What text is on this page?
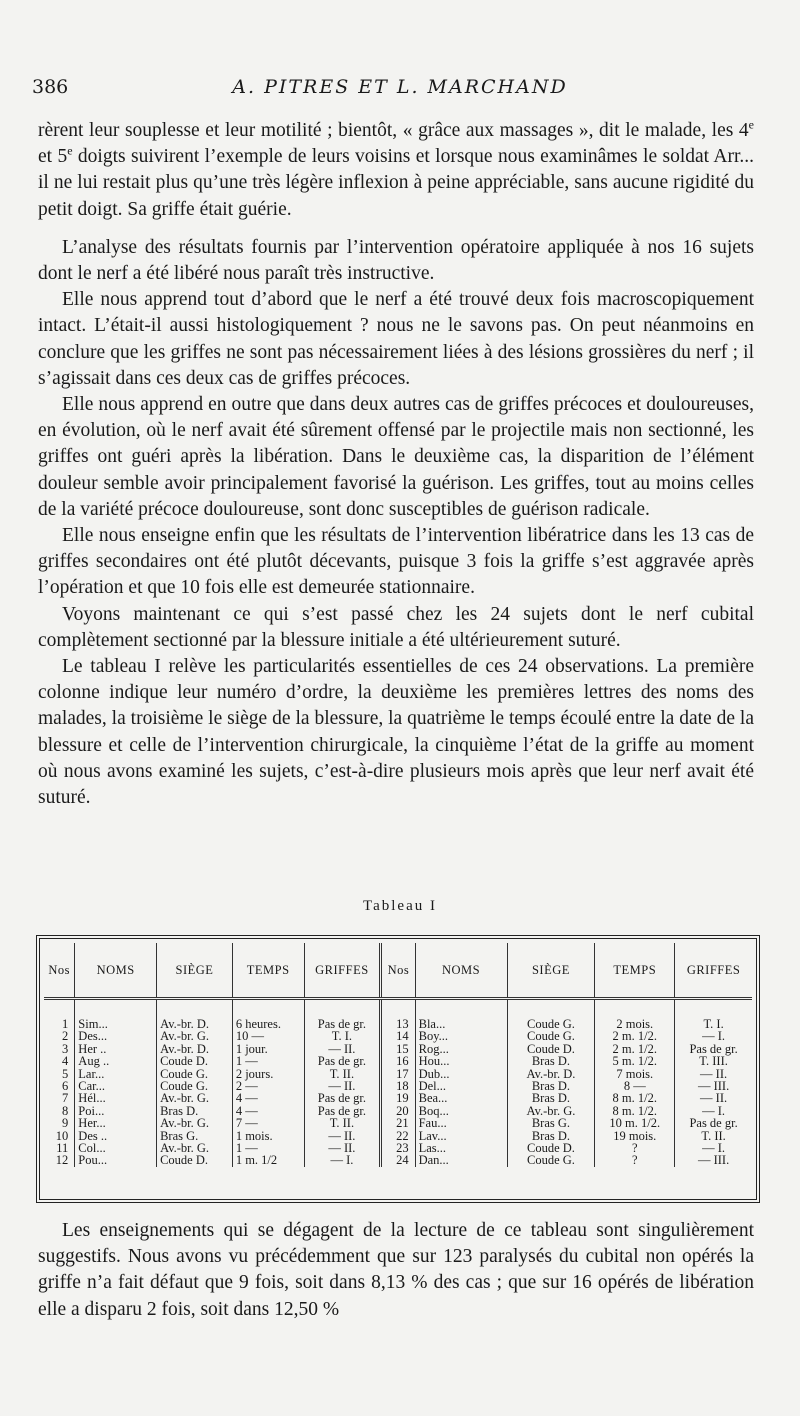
386	A. PITRES ET L. MARCHAND

rèrent leur souplesse et leur motilité ; bientôt, « grâce aux massages », dit le malade, les 4e et 5e doigts suivirent l’exemple de leurs voisins et lorsque nous examinâmes le soldat Arr... il ne lui restait plus qu’une très légère inflexion à peine appréciable, sans aucune rigidité du petit doigt. Sa griffe était guérie.

L’analyse des résultats fournis par l’intervention opératoire appliquée à nos 16 sujets dont le nerf a été libéré nous paraît très instructive.

Elle nous apprend tout d’abord que le nerf a été trouvé deux fois macroscopiquement intact. L’était-il aussi histologiquement ? nous ne le savons pas. On peut néanmoins en conclure que les griffes ne sont pas nécessairement liées à des lésions grossières du nerf ; il s’agissait dans ces deux cas de griffes précoces.

Elle nous apprend en outre que dans deux autres cas de griffes précoces et douloureuses, en évolution, où le nerf avait été sûrement offensé par le projectile mais non sectionné, les griffes ont guéri après la libération. Dans le deuxième cas, la disparition de l’élément douleur semble avoir principalement favorisé la guérison. Les griffes, tout au moins celles de la variété précoce douloureuse, sont donc susceptibles de guérison radicale.

Elle nous enseigne enfin que les résultats de l’intervention libératrice dans les 13 cas de griffes secondaires ont été plutôt décevants, puisque 3 fois la griffe s’est aggravée après l’opération et que 10 fois elle est demeurée stationnaire.

Voyons maintenant ce qui s’est passé chez les 24 sujets dont le nerf cubital complètement sectionné par la blessure initiale a été ultérieurement suturé.

Le tableau I relève les particularités essentielles de ces 24 observations. La première colonne indique leur numéro d’ordre, la deuxième les premières lettres des noms des malades, la troisième le siège de la blessure, la quatrième le temps écoulé entre la date de la blessure et celle de l’intervention chirurgicale, la cinquième l’état de la griffe au moment où nous avons examiné les sujets, c’est-à-dire plusieurs mois après que leur nerf avait été suturé.

Tableau I
Nos	NOMS	SIÈGE	TEMPS	GRIFFES	Nos	NOMS	SIÈGE	TEMPS	GRIFFES
1	Sim...	Av.-br. D.	6 heures.	Pas de gr.	13	Bla...	Coude G.	2 mois.	T. I.
2	Des...	Av.-br. G.	10 —	T. I.	14	Boy...	Coude G.	2 m. 1/2.	— I.
3	Her ..	Av.-br. D.	1 jour.	— II.	15	Rog...	Coude D.	2 m. 1/2.	Pas de gr.
4	Aug ..	Coude D.	1 —	Pas de gr.	16	Hou...	Bras D.	5 m. 1/2.	T. III.
5	Lar...	Coude G.	2 jours.	T. II.	17	Dub...	Av.-br. D.	7 mois.	— II.
6	Car...	Coude G.	2 —	— II.	18	Del...	Bras D.	8 —	— III.
7	Hél...	Av.-br. G.	4 —	Pas de gr.	19	Bea...	Bras D.	8 m. 1/2.	— II.
8	Poi...	Bras D.	4 —	Pas de gr.	20	Boq...	Av.-br. G.	8 m. 1/2.	— I.
9	Her...	Av.-br. G.	7 —	T. II.	21	Fau...	Bras G.	10 m. 1/2.	Pas de gr.
10	Des ..	Bras G.	1 mois.	— II.	22	Lav...	Bras D.	19 mois.	T. II.
11	Col...	Av.-br. G.	1 —	— II.	23	Las...	Coude D.	?	— I.
12	Pou...	Coude D.	1 m. 1/2	— I.	24	Dan...	Coude G.	?	— III.

Les enseignements qui se dégagent de la lecture de ce tableau sont singulièrement suggestifs. Nous avons vu précédemment que sur 123 paralysés du cubital non opérés la griffe n’a fait défaut que 9 fois, soit dans 8,13 % des cas ; que sur 16 opérés de libération elle a disparu 2 fois, soit dans 12,50 %
